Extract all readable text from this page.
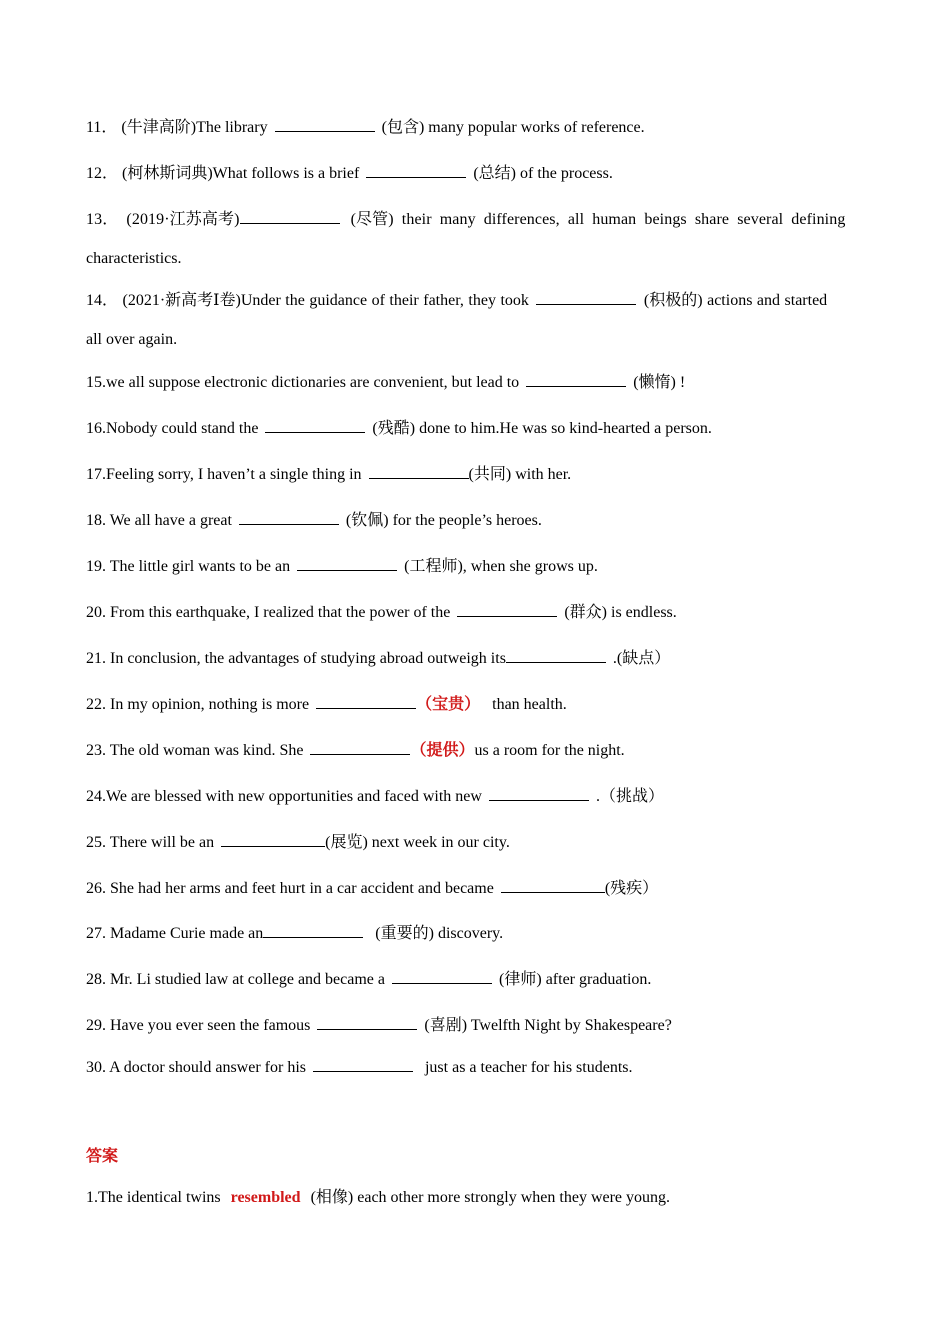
11． (牛津高阶)The library	(包含) many popular works of reference.
12． (柯林斯词典)What follows is a brief	(总结) of the process.
13． (2019·江苏高考)	(尽管) their many differences, all human beings share several defining
characteristics.
14． (2021·新高考Ⅰ卷)Under the guidance of their father, they took	(积极的) actions and started
all over again.
15.we all suppose electronic dictionaries are convenient, but lead to	(懒惰) !
16.Nobody could stand the	(残酷) done to him.He was so kind-hearted a person.
17.Feeling sorry, I haven’t a single thing in	(共同) with her.
18. We all have a great	(钦佩) for the people’s heroes.
19. The little girl wants to be an	(工程师), when she grows up.
20. From this earthquake, I realized that the power of the	(群众) is endless.
21. In conclusion, the advantages of studying abroad outweigh its	.(缺点）
22. In my opinion, nothing is more	（宝贵） than health.
23. The old woman was kind. She	（提供）us a room for the night.
24.We are blessed with new opportunities and faced with new	.（挑战）
25. There will be an	(展览) next week in our city.
26. She had her arms and feet hurt in a car accident and became	(残疾）
27. Madame Curie made an	(重要的) discovery.
28. Mr. Li studied law at college and became a	(律师) after graduation.
29. Have you ever seen the famous	(喜剧) Twelfth Night by Shakespeare?
30. A doctor should answer for his	just as a teacher for his students.
答案
1.The identical twins resembled (相像) each other more strongly when they were young.
